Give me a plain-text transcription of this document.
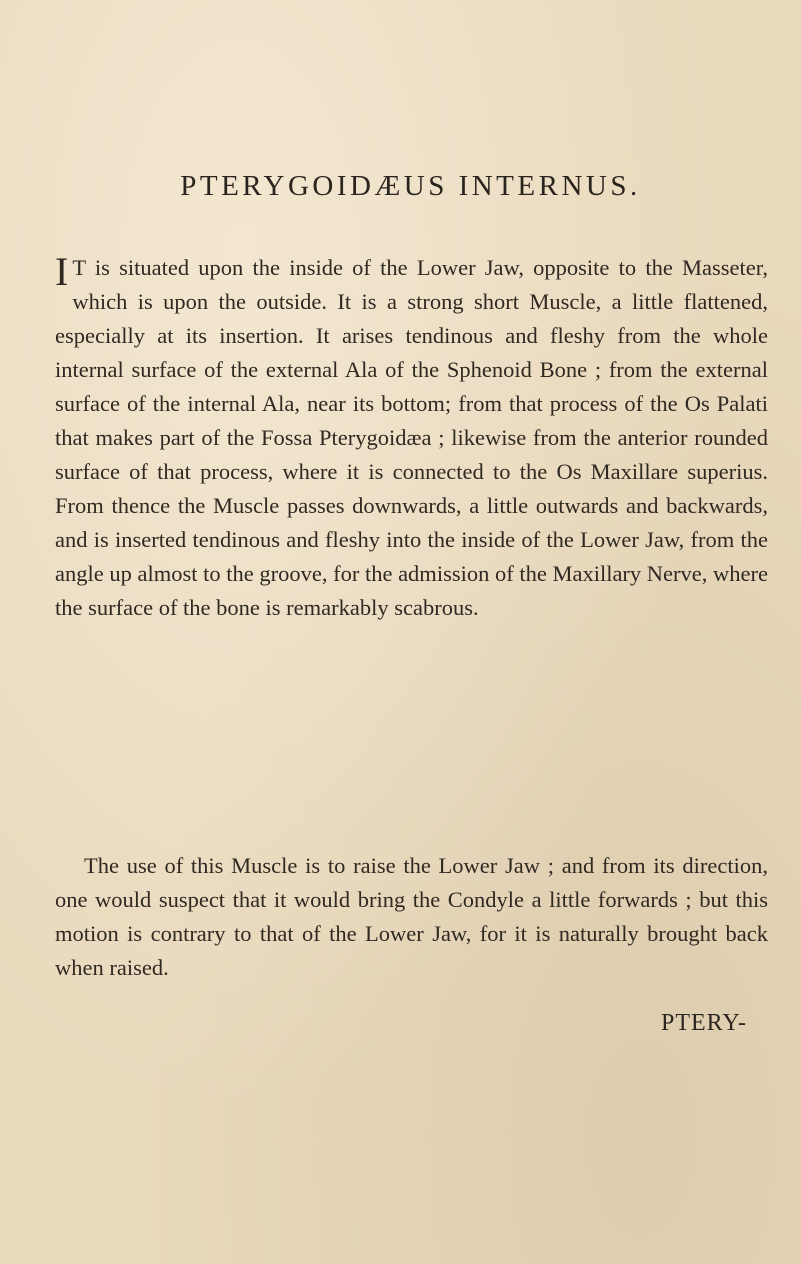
PTERYGOIDÆUS INTERNUS.

I T is situated upon the inside of the Lower Jaw, opposite to the Masseter, which is upon the outside. It is a strong short Muscle, a little flattened, especially at its insertion. It arises tendinous and fleshy from the whole internal surface of the external Ala of the Sphenoid Bone ; from the external surface of the internal Ala, near its bottom; from that process of the Os Palati that makes part of the Fossa Pterygoidæa ; likewise from the anterior rounded surface of that process, where it is connected to the Os Maxillare superius. From thence the Muscle passes downwards, a little outwards and backwards, and is inserted tendinous and fleshy into the inside of the Lower Jaw, from the angle up almost to the groove, for the admission of the Maxillary Nerve, where the surface of the bone is remarkably scabrous.

The use of this Muscle is to raise the Lower Jaw ; and from its direction, one would suspect that it would bring the Condyle a little forwards ; but this motion is contrary to that of the Lower Jaw, for it is naturally brought back when raised.

PTERY-
